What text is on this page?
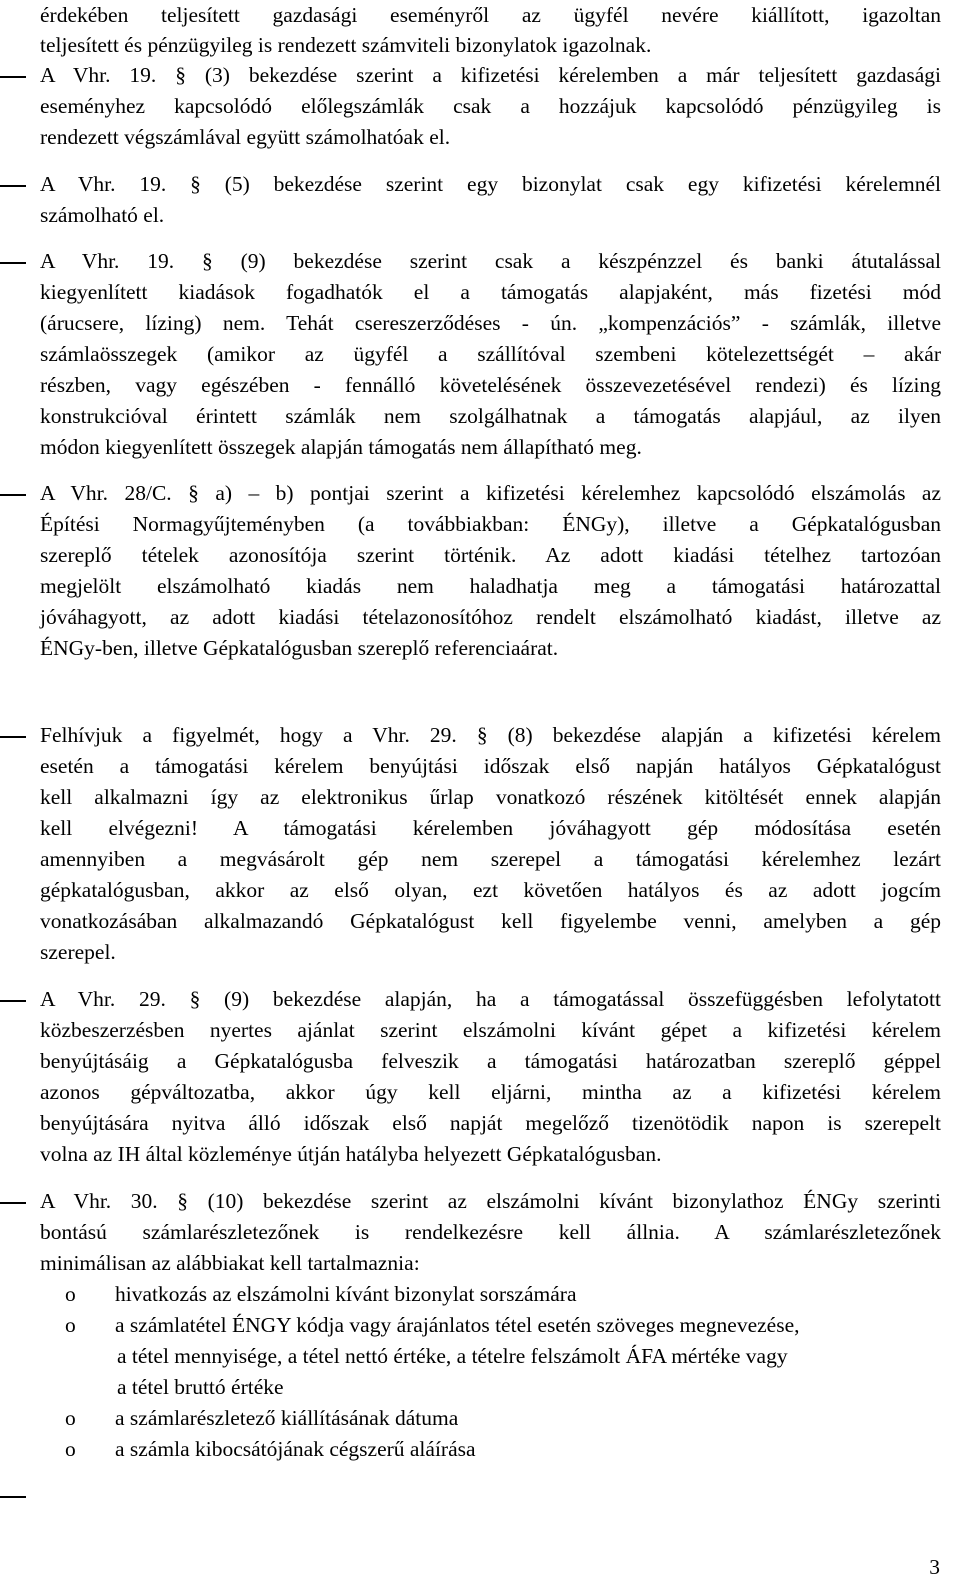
érdekében teljesített gazdasági eseményről az ügyfél nevére kiállított, igazoltan
teljesített és pénzügyileg is rendezett számviteli bizonylatok igazolnak.
A Vhr. 19. § (3) bekezdése szerint a kifizetési kérelemben a már teljesített gazdasági
eseményhez kapcsolódó előlegszámlák csak a hozzájuk kapcsolódó pénzügyileg is
rendezett végszámlával együtt számolhatóak el.
A Vhr. 19. § (5) bekezdése szerint egy bizonylat csak egy kifizetési kérelemnél
számolható el.
A Vhr. 19. § (9) bekezdése szerint csak a készpénzzel és banki átutalással
kiegyenlített kiadások fogadhatók el a támogatás alapjaként, más fizetési mód
(árucsere, lízing) nem. Tehát csereszerződéses - ún. „kompenzációs” - számlák, illetve
számlaösszegek (amikor az ügyfél a szállítóval szembeni kötelezettségét – akár
részben, vagy egészében - fennálló követelésének összevezetésével rendezi) és lízing
konstrukcióval érintett számlák nem szolgálhatnak a támogatás alapjául, az ilyen
módon kiegyenlített összegek alapján támogatás nem állapítható meg.
A Vhr. 28/C. § a) – b) pontjai szerint a kifizetési kérelemhez kapcsolódó elszámolás az
Építési Normagyűjteményben (a továbbiakban: ÉNGy), illetve a Gépkatalógusban
szereplő tételek azonosítója szerint történik. Az adott kiadási tételhez tartozóan
megjelölt elszámolható kiadás nem haladhatja meg a támogatási határozattal
jóváhagyott, az adott kiadási tételazonosítóhoz rendelt elszámolható kiadást, illetve az
ÉNGy-ben, illetve Gépkatalógusban szereplő referenciaárat.
Felhívjuk a figyelmét, hogy a Vhr. 29. § (8) bekezdése alapján a kifizetési kérelem
esetén a támogatási kérelem benyújtási időszak első napján hatályos Gépkatalógust
kell alkalmazni így az elektronikus űrlap vonatkozó részének kitöltését ennek alapján
kell elvégezni! A támogatási kérelemben jóváhagyott gép módosítása esetén
amennyiben a megvásárolt gép nem szerepel a támogatási kérelemhez lezárt
gépkatalógusban, akkor az első olyan, ezt követően hatályos és az adott jogcím
vonatkozásában alkalmazandó Gépkatalógust kell figyelembe venni, amelyben a gép
szerepel.
A Vhr. 29. § (9) bekezdése alapján, ha a támogatással összefüggésben lefolytatott
közbeszerzésben nyertes ajánlat szerint elszámolni kívánt gépet a kifizetési kérelem
benyújtásáig a Gépkatalógusba felveszik a támogatási határozatban szereplő géppel
azonos gépváltozatba, akkor úgy kell eljárni, mintha az a kifizetési kérelem
benyújtására nyitva álló időszak első napját megelőző tizenötödik napon is szerepelt
volna az IH által közleménye útján hatályba helyezett Gépkatalógusban.
A Vhr. 30. § (10) bekezdése szerint az elszámolni kívánt bizonylathoz ÉNGy szerinti
bontású számlarészletezőnek is rendelkezésre kell állnia. A számlarészletezőnek
minimálisan az alábbiakat kell tartalmaznia:
o hivatkozás az elszámolni kívánt bizonylat sorszámára
o a számlatétel ÉNGY kódja vagy árajánlatos tétel esetén szöveges megnevezése,
a tétel mennyisége, a tétel nettó értéke, a tételre felszámolt ÁFA mértéke vagy
a tétel bruttó értéke
o a számlarészletező kiállításának dátuma
o a számla kibocsátójának cégszerű aláírása
3
